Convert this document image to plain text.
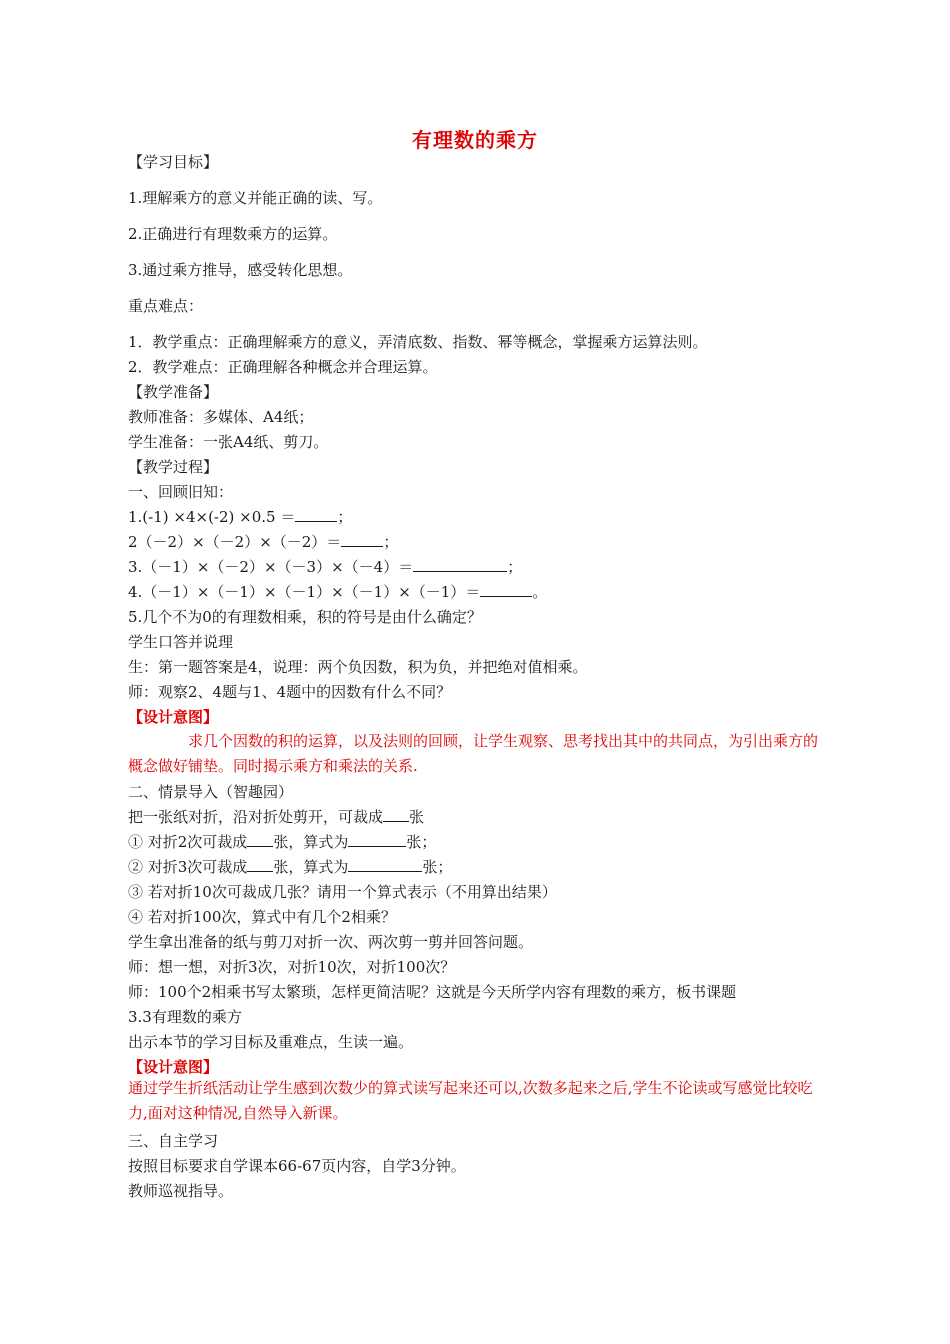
有理数的乘方
【学习目标】
1.理解乘方的意义并能正确的读、写。
2.正确进行有理数乘方的运算。
3.通过乘方推导，感受转化思想。
重点难点：
1．教学重点：正确理解乘方的意义，弄清底数、指数、幂等概念，掌握乘方运算法则。
2．教学难点：正确理解各种概念并合理运算。
【教学准备】
教师准备：多媒体、A4纸；
学生准备：一张A4纸、剪刀。
【教学过程】
一、回顾旧知：
1.(-1) ×4×(-2) ×0.5 ＝	；
2（－2）×（－2）×（－2）＝	；
3.（－1）×（－2）×（－3）×（－4）＝	；
4.（－1）×（－1）×（－1）×（－1）×（－1）＝	。
5.几个不为0的有理数相乘，积的符号是由什么确定？
学生口答并说理
生：第一题答案是4，说理：两个负因数，积为负，并把绝对值相乘。
师：观察2、4题与1、4题中的因数有什么不同？
【设计意图】
求几个因数的积的运算，以及法则的回顾，让学生观察、思考找出其中的共同点，为引出乘方的概念做好铺垫。同时揭示乘方和乘法的关系.
二、情景导入（智趣园）
把一张纸对折，沿对折处剪开，可裁成 张
① 对折2次可裁成 张，算式为	张；
② 对折3次可裁成 张，算式为	张；
③ 若对折10次可裁成几张？请用一个算式表示（不用算出结果）
④ 若对折100次，算式中有几个2相乘？
学生拿出准备的纸与剪刀对折一次、两次剪一剪并回答问题。
师：想一想，对折3次，对折10次，对折100次？
师：100个2相乘书写太繁琐，怎样更简洁呢？这就是今天所学内容有理数的乘方，板书课题
3.3有理数的乘方
出示本节的学习目标及重难点，生读一遍。
【设计意图】
通过学生折纸活动让学生感到次数少的算式读写起来还可以,次数多起来之后,学生不论读或写感觉比较吃力,面对这种情况,自然导入新课。
三、自主学习
按照目标要求自学课本66-67页内容，自学3分钟。
教师巡视指导。
